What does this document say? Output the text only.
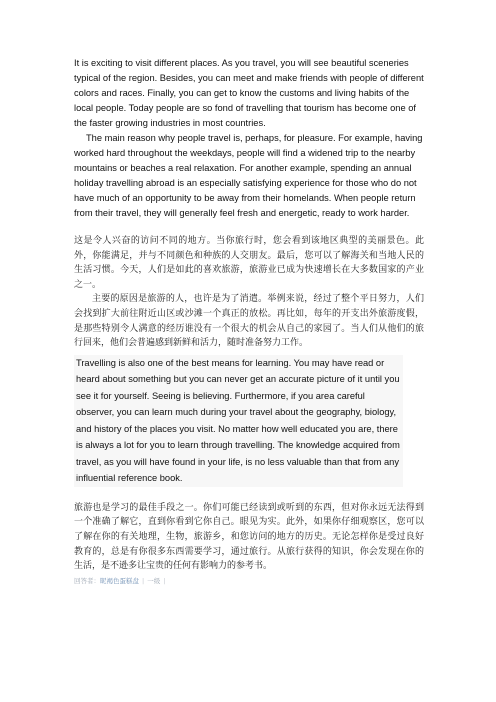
It is exciting to visit different places. As you travel, you will see beautiful sceneries typical of the region. Besides, you can meet and make friends with people of different colors and races. Finally, you can get to know the customs and living habits of the local people. Today people are so fond of travelling that tourism has become one of the faster growing industries in most countries.

The main reason why people travel is, perhaps, for pleasure. For example, having worked hard throughout the weekdays, people will find a widened trip to the nearby mountains or beaches a real relaxation. For another example, spending an annual holiday travelling abroad is an especially satisfying experience for those who do not have much of an opportunity to be away from their homelands. When people return from their travel, they will generally feel fresh and energetic, ready to work harder.

这是令人兴奋的访问不同的地方。当你旅行时，您会看到该地区典型的美丽景色。此外，你能满足，并与不同颜色和种族的人交朋友。最后，您可以了解海关和当地人民的生活习惯。今天，人们是如此的喜欢旅游，旅游业已成为快速增长在大多数国家的产业之一。

主要的原因是旅游的人，也许是为了消遣。举例来说，经过了整个平日努力，人们会找到扩大前往附近山区或沙滩一个真正的放松。再比如，每年的开支出外旅游度假，是那些特别令人满意的经历谁没有一个很大的机会从自己的家园了。当人们从他们的旅行回来，他们会普遍感到新鲜和活力，随时准备努力工作。

Travelling is also one of the best means for learning. You may have read or heard about something but you can never get an accurate picture of it until you see it for yourself. Seeing is believing. Furthermore, if you area careful observer, you can learn much during your travel about the geography, biology, and history of the places you visit. No matter how well educated you are, there is always a lot for you to learn through travelling. The knowledge acquired from travel, as you will have found in your life, is no less valuable than that from any influential reference book.

旅游也是学习的最佳手段之一。你们可能已经读到或听到的东西，但对你永远无法得到一个准确了解它，直到你看到它你自己。眼见为实。此外，如果你仔细观察区，您可以了解在你的有关地理，生物，旅游乡，和您访问的地方的历史。无论怎样你是受过良好教育的，总是有你很多东西需要学习，通过旅行。从旅行获得的知识，你会发现在你的生活，是不逊多让宝贵的任何有影响力的参考书。

回答者：昵褐色蛋糕盘 | 一级 |
